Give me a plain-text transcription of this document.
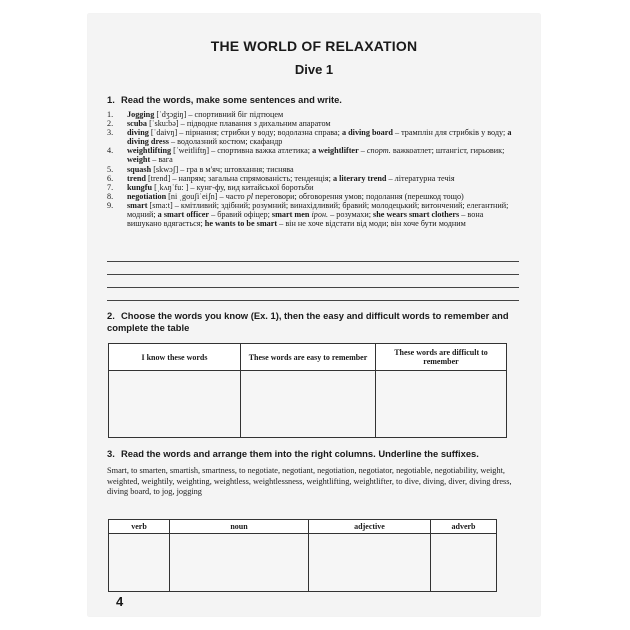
THE WORLD OF RELAXATION
Dive 1
1. Read the words, make some sentences and write.
1. Jogging [ˈdʒɔgiŋ] – спортивний біг підтюцем
2. scuba [ˈsku:bə] – підводне плавання з дихальним апаратом
3. diving [ˈdaivŋ] – пірнання; стрибки у воду; водолазна справа; a diving board – трамплін для стрибків у воду; a diving dress – водолазний костюм; скафандр
4. weightlifting [ˈweitliftŋ] – спортивна важка атлетика; a weightlifter – спорт. важкоатлет; штангіст, гирьовик; weight – вага
5. squash [skwɔʃ] – гра в м'яч; штовхання; тиснява
6. trend [trend] – напрям; загальна спрямованість; тенденція; a literary trend – літературна течія
7. kungfu [ˌkʌŋˈfu: ] – кунг-фу, вид китайської боротьби
8. negotiation [ni ˌgouʃiˈeiʃn] – часто pl переговори; обговорення умов; подолання (перешкод тощо)
9. smart [sma:t] – кмітливий; здібний; розумний; винахідливий; бравий; молодецький; витончений; елегантний; модний; a smart officer – бравий офіцер; smart men ірон. – розумахи; she wears smart clothers – вона вишукано вдягається; he wants to be smart – він не хоче відстати від моди; він хоче бути модним
2. Choose the words you know (Ex. 1), then the easy and difficult words to remember and complete the table
I know these words	These words are easy to remember	These words are difficult to remember

3. Read the words and arrange them into the right columns. Underline the suffixes.
Smart, to smarten, smartish, smartness, to negotiate, negotiant, negotiation, negotiator, negotiable, negotiability, weight, weighted, weightily, weighting, weightless, weightlessness, weightlifting, weightlifter, to dive, diving, diver, diving dress, diving board, to jog, jogging
verb	noun	adjective	adverb

4
